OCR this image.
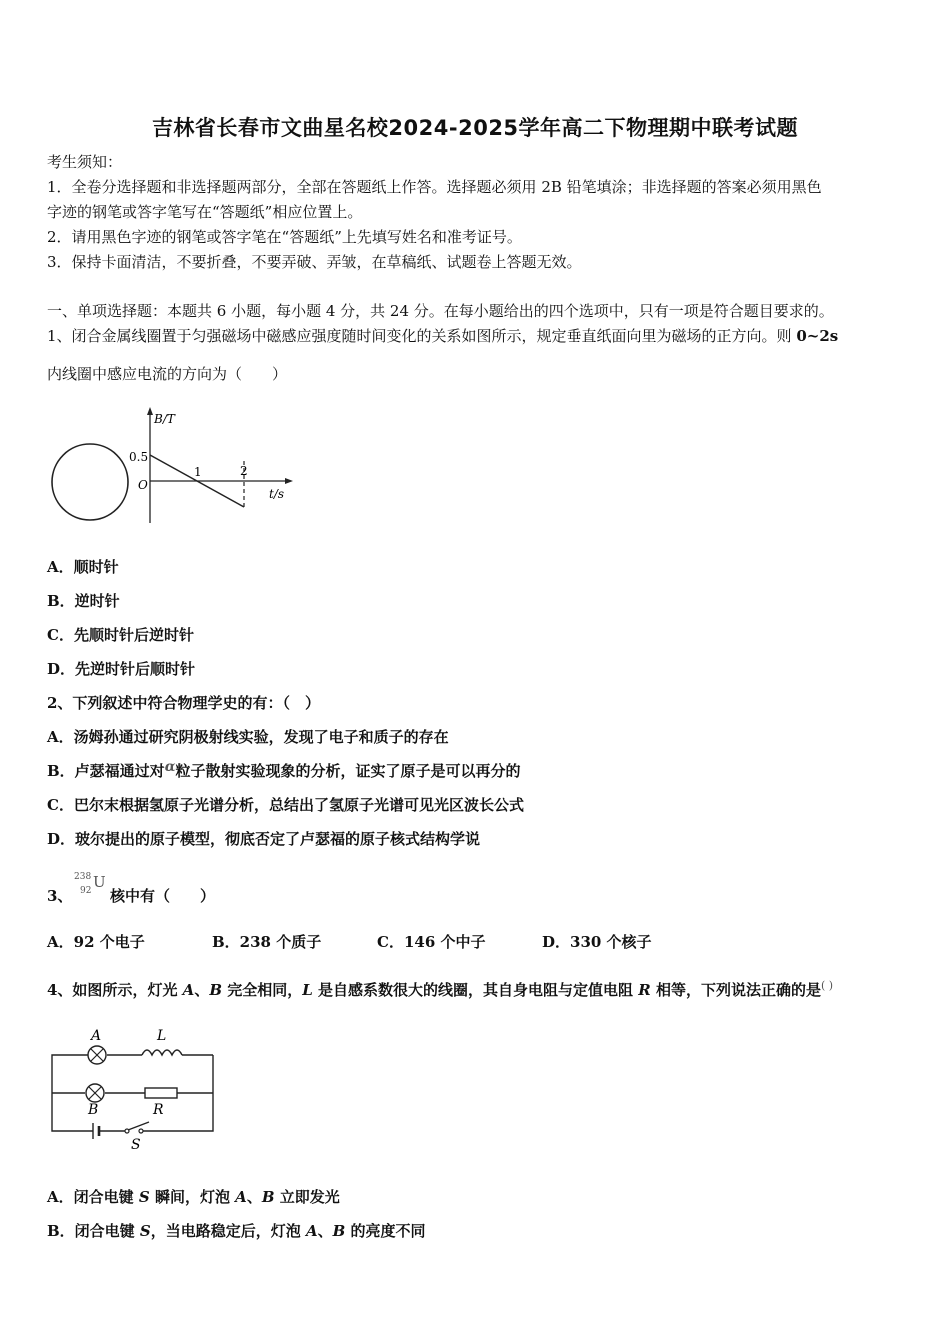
吉林省长春市文曲星名校2024-2025学年高二下物理期中联考试题
考生须知：
1．全卷分选择题和非选择题两部分，全部在答题纸上作答。选择题必须用 2B 铅笔填涂；非选择题的答案必须用黑色
字迹的钢笔或答字笔写在“答题纸”相应位置上。
2．请用黑色字迹的钢笔或答字笔在“答题纸”上先填写姓名和准考证号。
3．保持卡面清洁，不要折叠，不要弄破、弄皱，在草稿纸、试题卷上答题无效。
一、单项选择题：本题共 6 小题，每小题 4 分，共 24 分。在每小题给出的四个选项中，只有一项是符合题目要求的。
1、闭合金属线圈置于匀强磁场中磁感应强度随时间变化的关系如图所示，规定垂直纸面向里为磁场的正方向。则 0~2s
内线圈中感应电流的方向为（　　）
B/T
0.5
O
1	2
t/s
A．顺时针
B．逆时针
C．先顺时针后逆时针
D．先逆时针后顺时针
2、下列叙述中符合物理学史的有：（　）
A．汤姆孙通过研究阴极射线实验，发现了电子和质子的存在
B．卢瑟福通过对α粒子散射实验现象的分析，证实了原子是可以再分的
C．巴尔末根据氢原子光谱分析，总结出了氢原子光谱可见光区波长公式
D．玻尔提出的原子模型，彻底否定了卢瑟福的原子核式结构学说
3、
238
92 U
核中有（　　）
A．92 个电子	B．238 个质子	C．146 个中子	D．330 个核子
4、如图所示，灯光 A、B 完全相同，L 是自感系数很大的线圈，其自身电阻与定值电阻 R 相等，下列说法正确的是( )
A
B
L
R
S
A．闭合电键 S 瞬间，灯泡 A、B 立即发光
B．闭合电键 S，当电路稳定后，灯泡 A、B 的亮度不同
